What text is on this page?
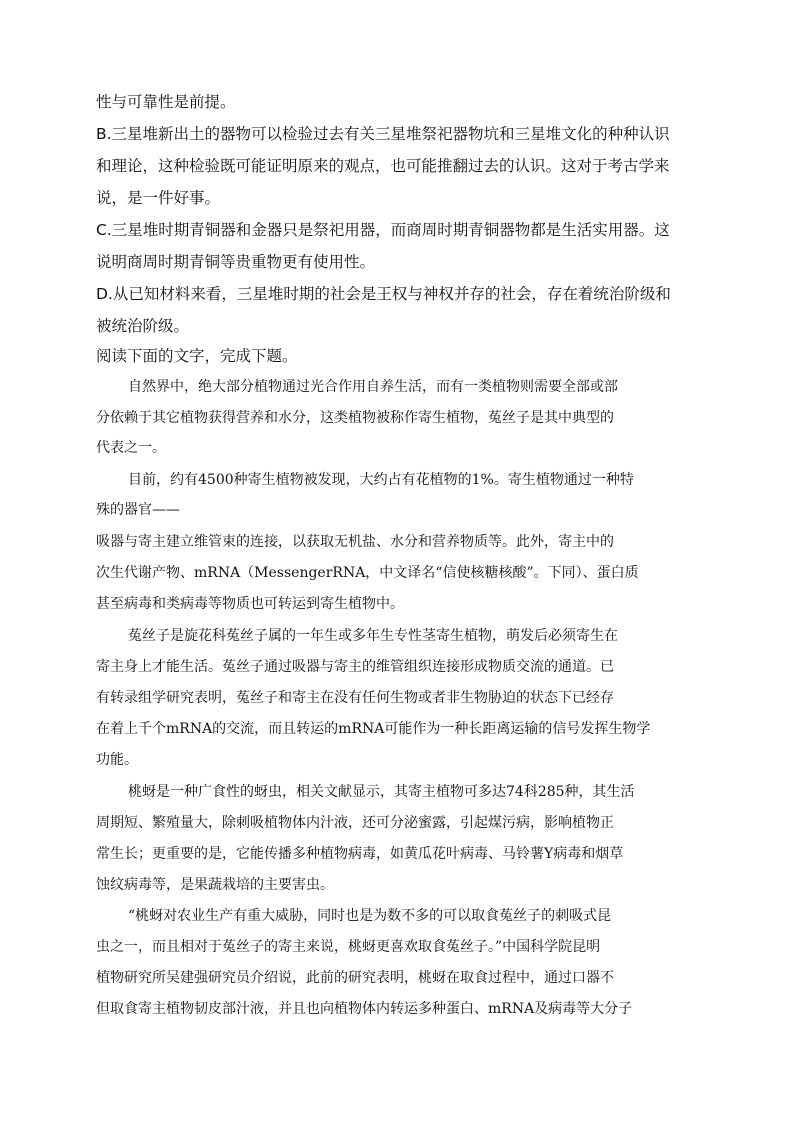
性与可靠性是前提。
B.三星堆新出土的器物可以检验过去有关三星堆祭祀器物坑和三星堆文化的种种认识
和理论，这种检验既可能证明原来的观点，也可能推翻过去的认识。这对于考古学来
说，是一件好事。
C.三星堆时期青铜器和金器只是祭祀用器，而商周时期青铜器物都是生活实用器。这
说明商周时期青铜等贵重物更有使用性。
D.从已知材料来看，三星堆时期的社会是王权与神权并存的社会，存在着统治阶级和
被统治阶级。
阅读下面的文字，完成下题。
自然界中，绝大部分植物通过光合作用自养生活，而有一类植物则需要全部或部
分依赖于其它植物获得营养和水分，这类植物被称作寄生植物，菟丝子是其中典型的
代表之一。
目前，约有4500种寄生植物被发现，大约占有花植物的1%。寄生植物通过一种特
殊的器官——
吸器与寄主建立维管束的连接，以获取无机盐、水分和营养物质等。此外，寄主中的
次生代谢产物、mRNA（MessengerRNA，中文译名“信使核糖核酸”。下同）、蛋白质
甚至病毒和类病毒等物质也可转运到寄生植物中。
菟丝子是旋花科菟丝子属的一年生或多年生专性茎寄生植物，萌发后必须寄生在
寄主身上才能生活。菟丝子通过吸器与寄主的维管组织连接形成物质交流的通道。已
有转录组学研究表明，菟丝子和寄主在没有任何生物或者非生物胁迫的状态下已经存
在着上千个mRNA的交流，而且转运的mRNA可能作为一种长距离运输的信号发挥生物学
功能。
桃蚜是一种广食性的蚜虫，相关文献显示，其寄主植物可多达74科285种，其生活
周期短、繁殖量大，除刺吸植物体内汁液，还可分泌蜜露，引起煤污病，影响植物正
常生长；更重要的是，它能传播多种植物病毒，如黄瓜花叶病毒、马铃薯Y病毒和烟草
蚀纹病毒等，是果蔬栽培的主要害虫。
“桃蚜对农业生产有重大威胁，同时也是为数不多的可以取食菟丝子的刺吸式昆
虫之一，而且相对于菟丝子的寄主来说，桃蚜更喜欢取食菟丝子。”中国科学院昆明
植物研究所吴建强研究员介绍说，此前的研究表明，桃蚜在取食过程中，通过口器不
但取食寄主植物韧皮部汁液，并且也向植物体内转运多种蛋白、mRNA及病毒等大分子
